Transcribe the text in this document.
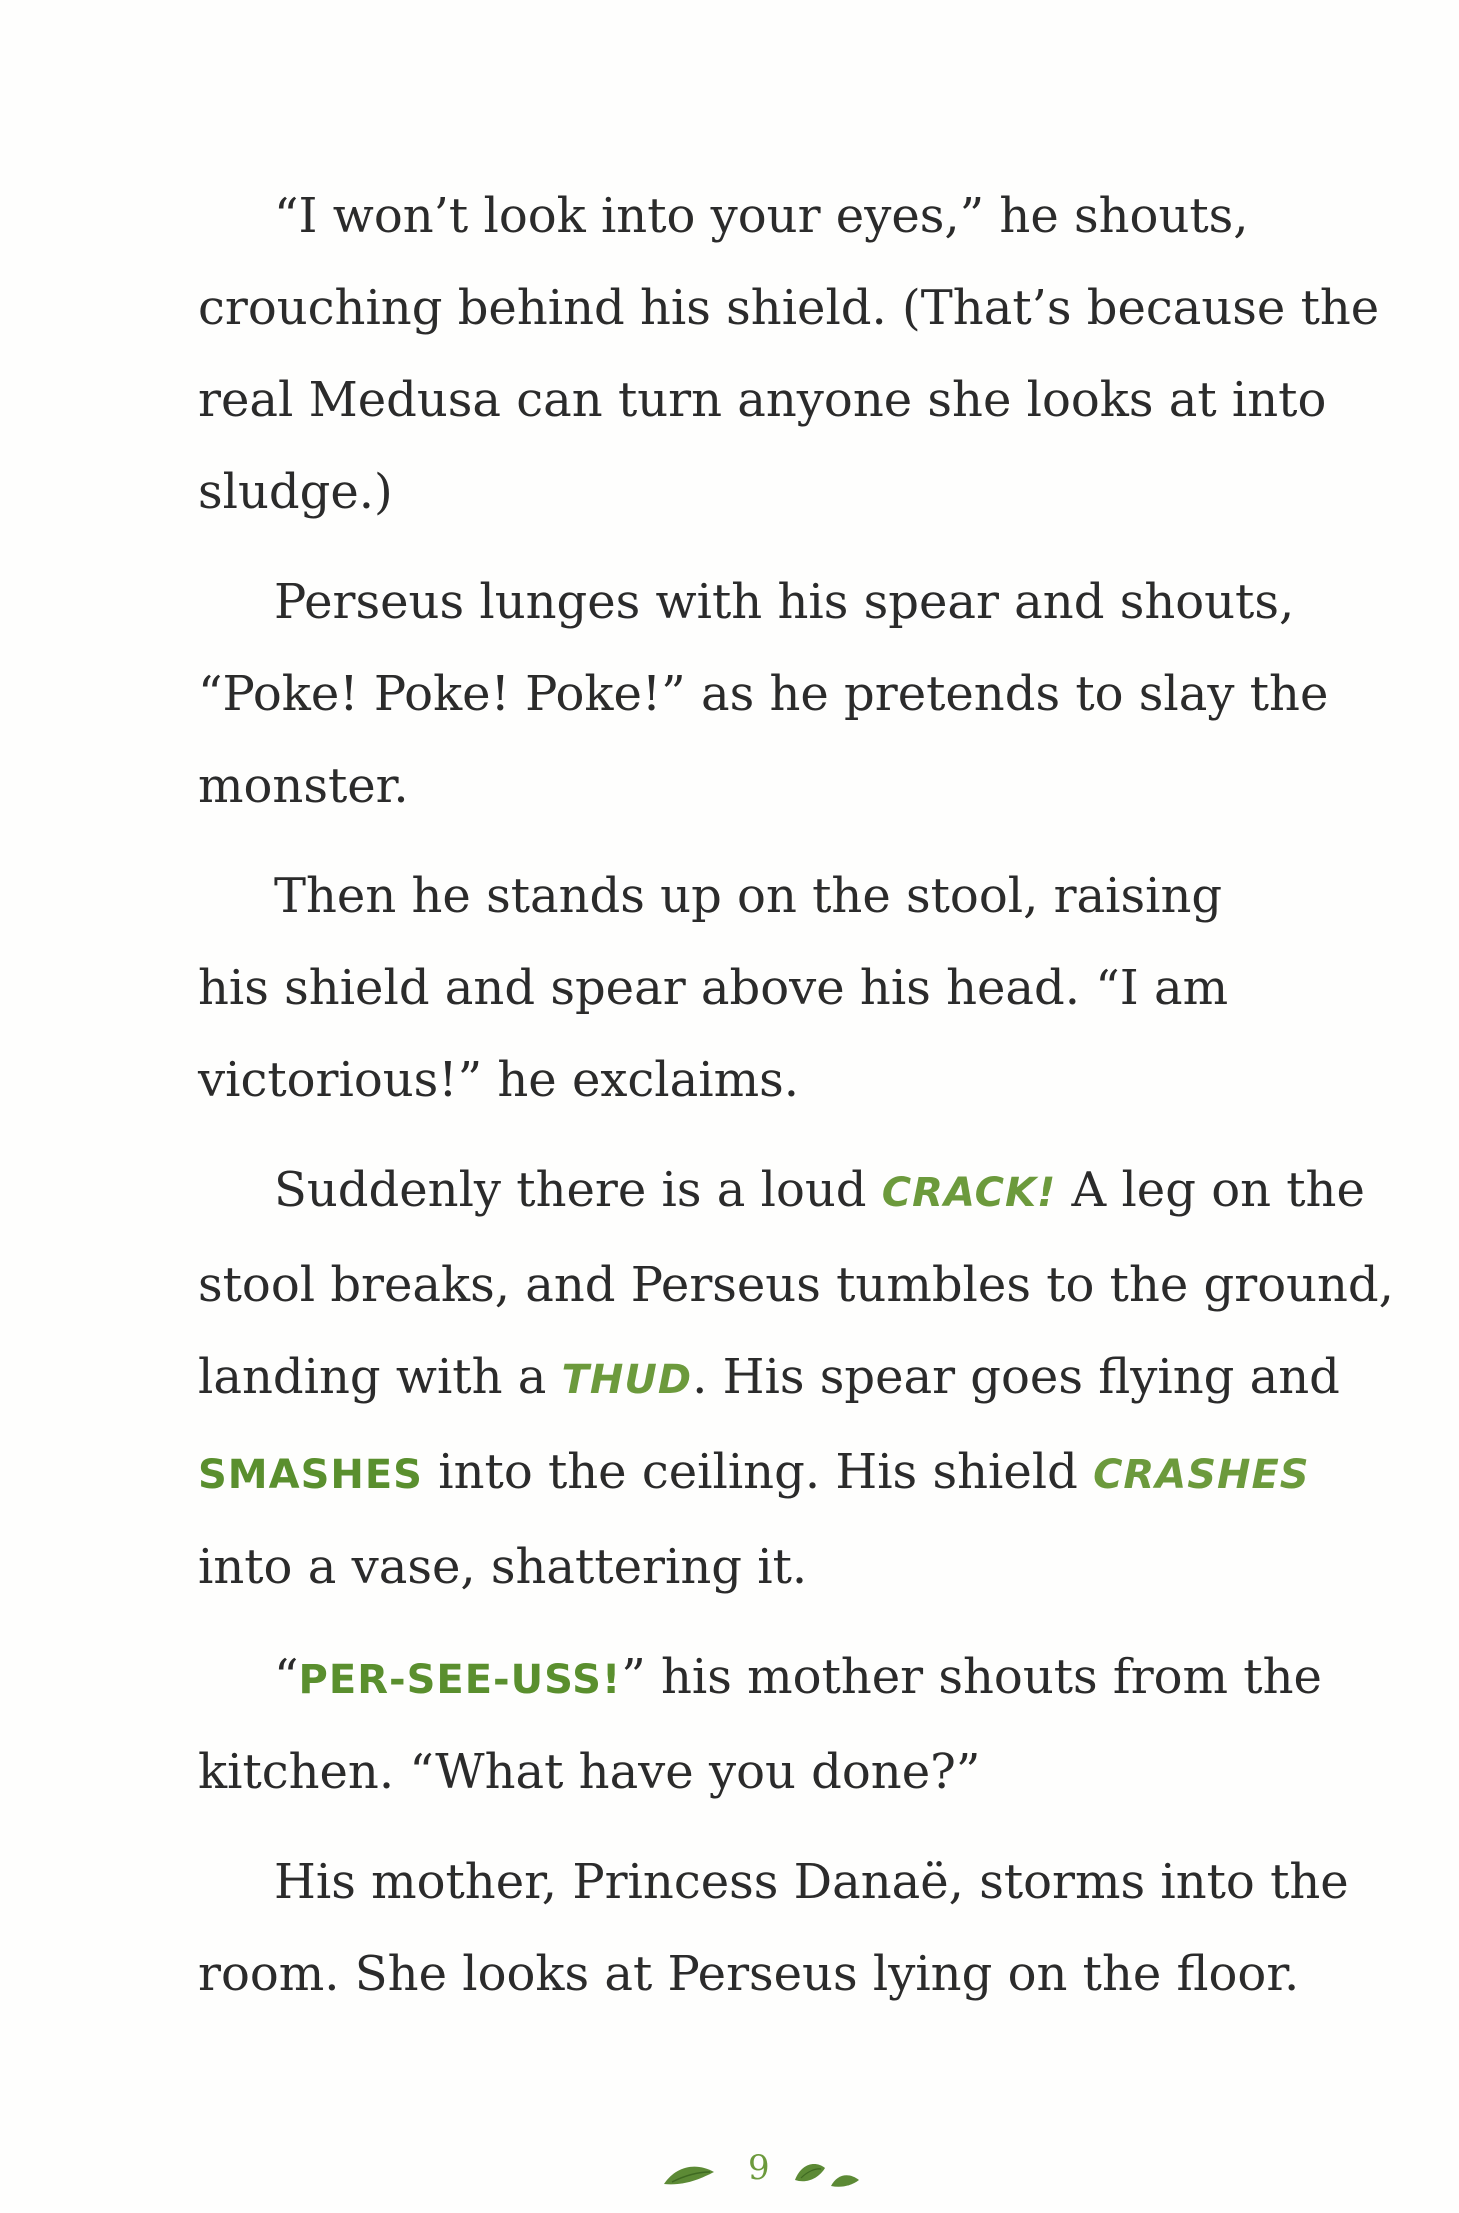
“I won’t look into your eyes,” he shouts,
crouching behind his shield. (That’s because the
real Medusa can turn anyone she looks at into
sludge.)
Perseus lunges with his spear and shouts,
“Poke! Poke! Poke!” as he pretends to slay the
monster.
Then he stands up on the stool, raising
his shield and spear above his head. “I am
victorious!” he exclaims.
Suddenly there is a loud CRACK! A leg on the
stool breaks, and Perseus tumbles to the ground,
landing with a THUD. His spear goes flying and
SMASHES into the ceiling. His shield CRASHES
into a vase, shattering it.
“PER-SEE-USS!” his mother shouts from the
kitchen. “What have you done?”
His mother, Princess Danaë, storms into the
room. She looks at Perseus lying on the floor.
9
